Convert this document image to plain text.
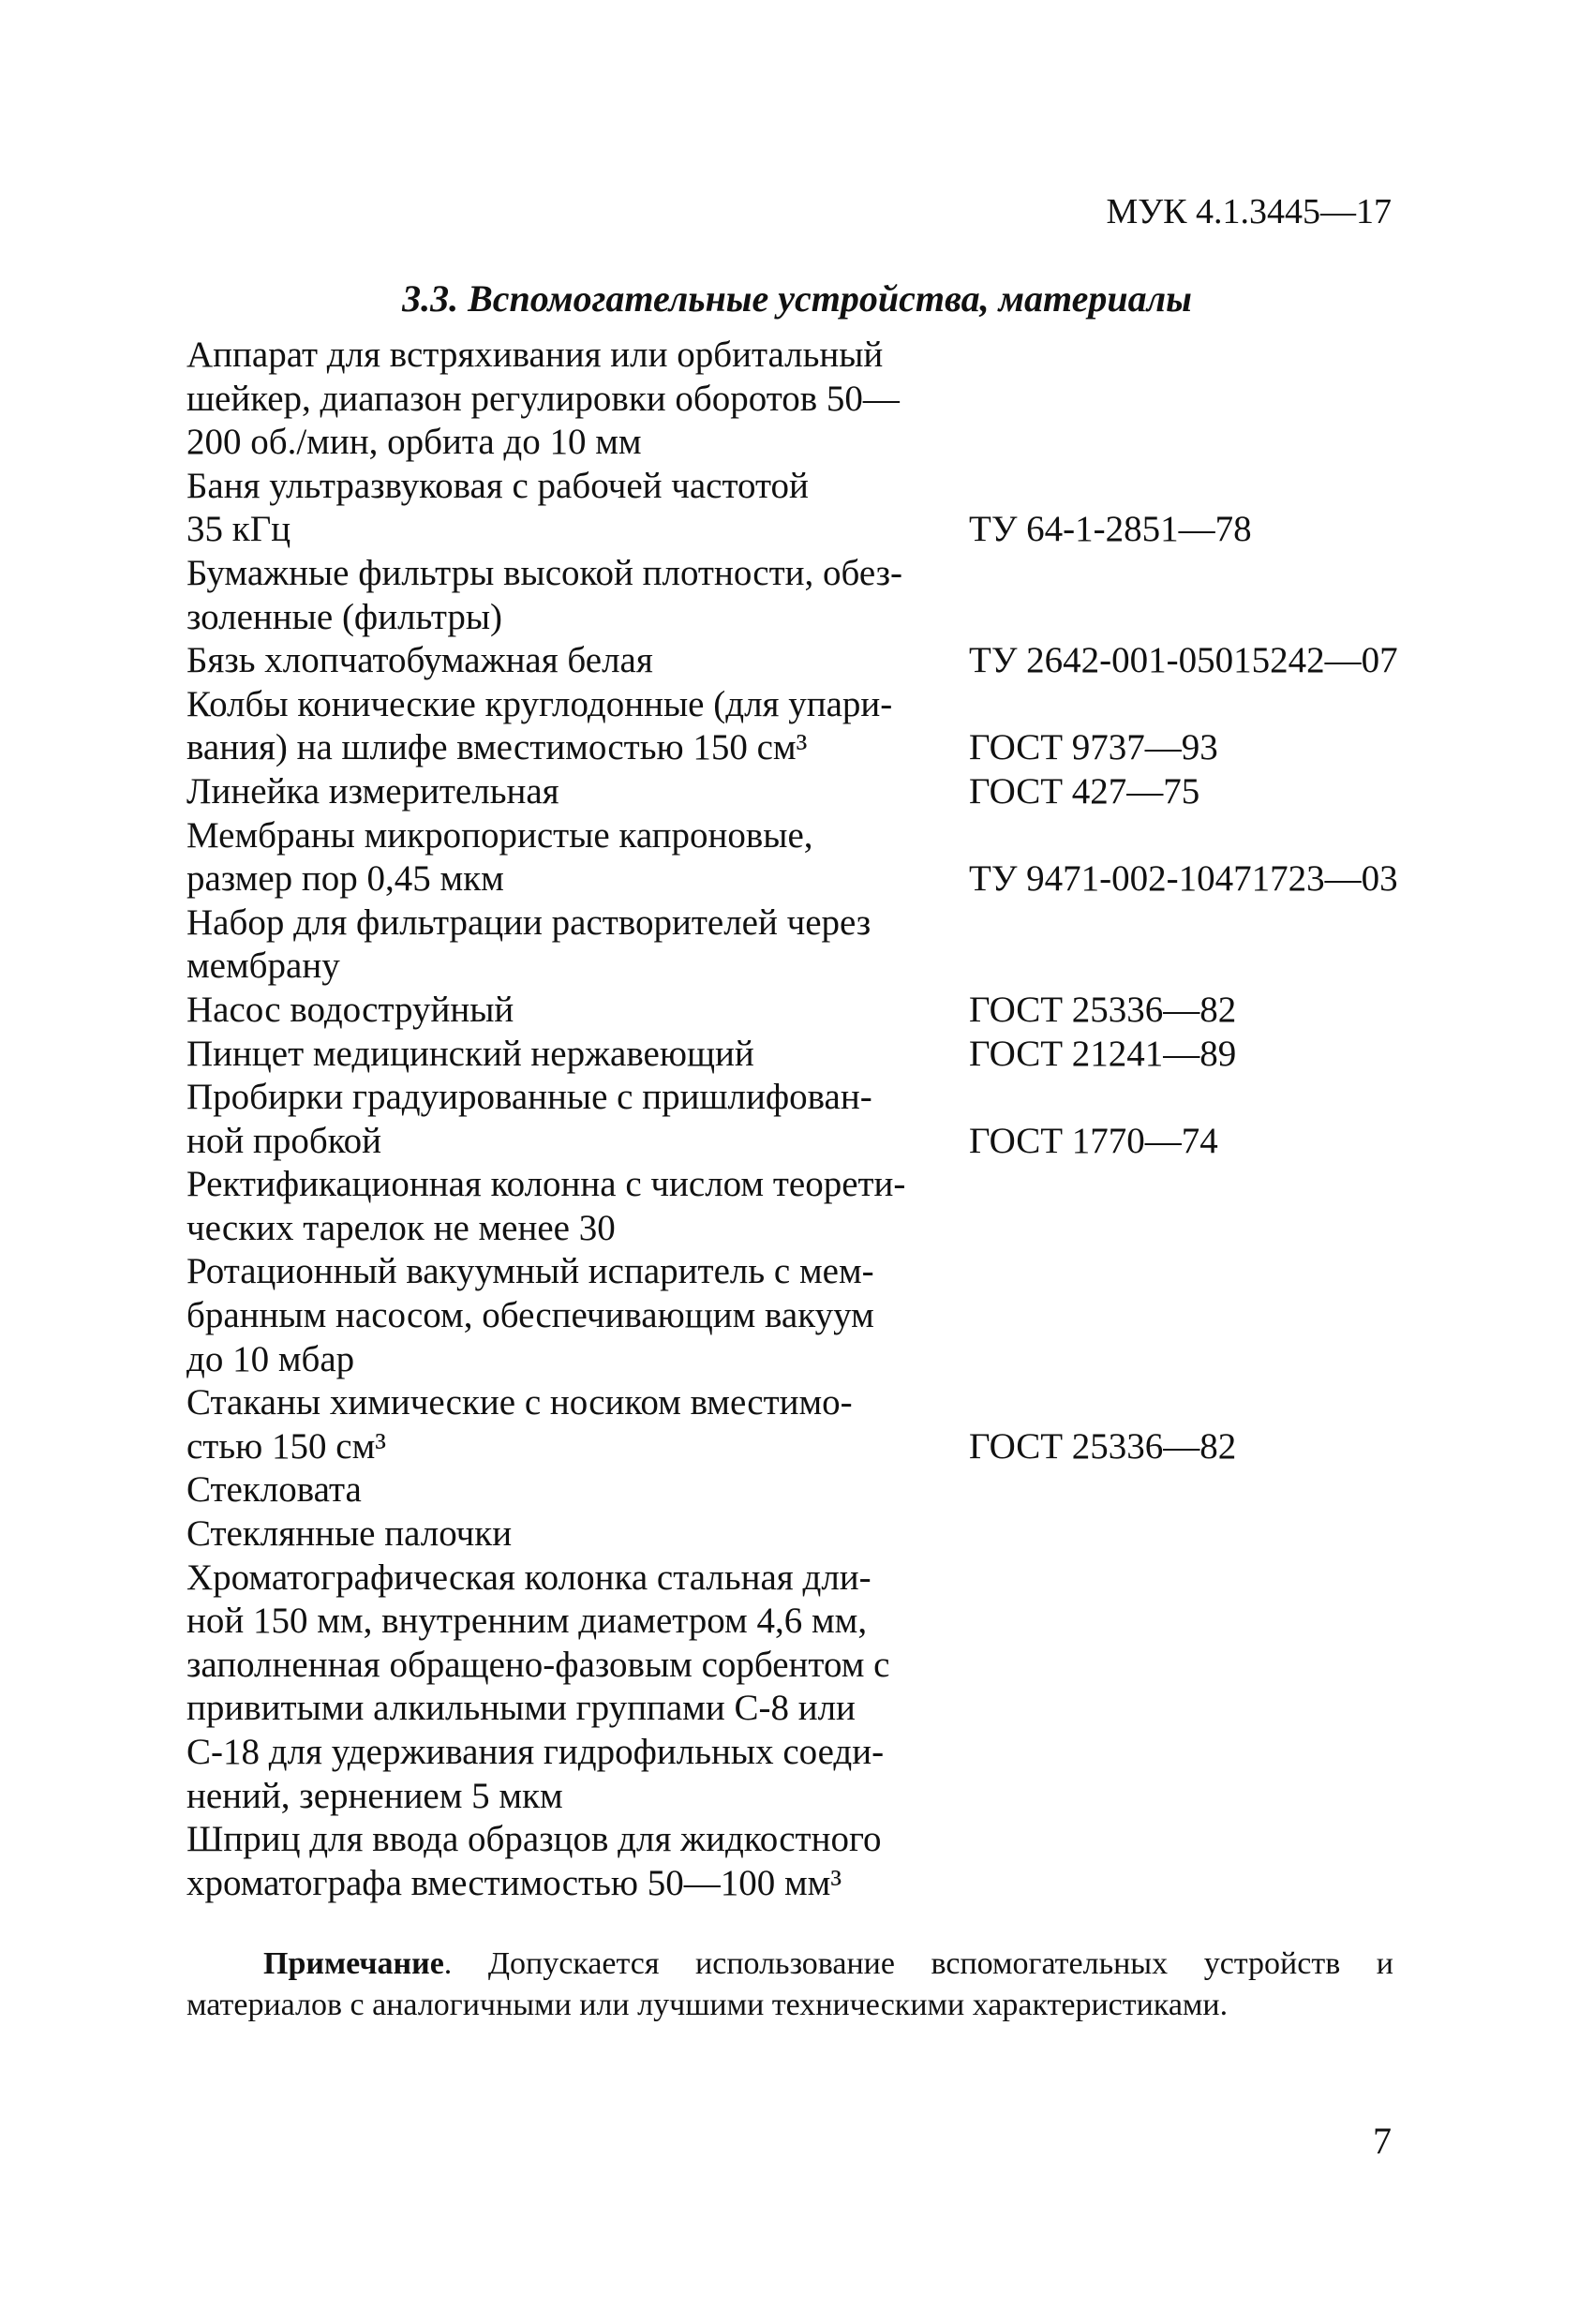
МУК 4.1.3445—17
3.3. Вспомогательные устройства, материалы
Аппарат для встряхивания или орбитальный
шейкер, диапазон регулировки оборотов 50—
200 об./мин, орбита до 10 мм
Баня ультразвуковая с рабочей частотой
35 кГц	ТУ 64-1-2851—78
Бумажные фильтры высокой плотности, обез-
золенные (фильтры)
Бязь хлопчатобумажная белая	ТУ 2642-001-05015242—07
Колбы конические круглодонные (для упари-
вания) на шлифе вместимостью 150 см³	ГОСТ 9737—93
Линейка измерительная	ГОСТ 427—75
Мембраны микропористые капроновые,
размер пор 0,45 мкм	ТУ 9471-002-10471723—03
Набор для фильтрации растворителей через
мембрану
Насос водоструйный	ГОСТ 25336—82
Пинцет медицинский нержавеющий	ГОСТ 21241—89
Пробирки градуированные с пришлифован-
ной пробкой	ГОСТ 1770—74
Ректификационная колонна с числом теорети-
ческих тарелок не менее 30
Ротационный вакуумный испаритель с мем-
бранным насосом, обеспечивающим вакуум
до 10 мбар
Стаканы химические с носиком вместимо-
стью 150 см³	ГОСТ 25336—82
Стекловата
Стеклянные палочки
Хроматографическая колонка стальная дли-
ной 150 мм, внутренним диаметром 4,6 мм,
заполненная обращено-фазовым сорбентом с
привитыми алкильными группами С-8 или
С-18 для удерживания гидрофильных соеди-
нений, зернением 5 мкм
Шприц для ввода образцов для жидкостного
хроматографа вместимостью 50—100 мм³

Примечание. Допускается использование вспомогательных устройств и материалов с аналогичными или лучшими техническими характеристиками.

7
